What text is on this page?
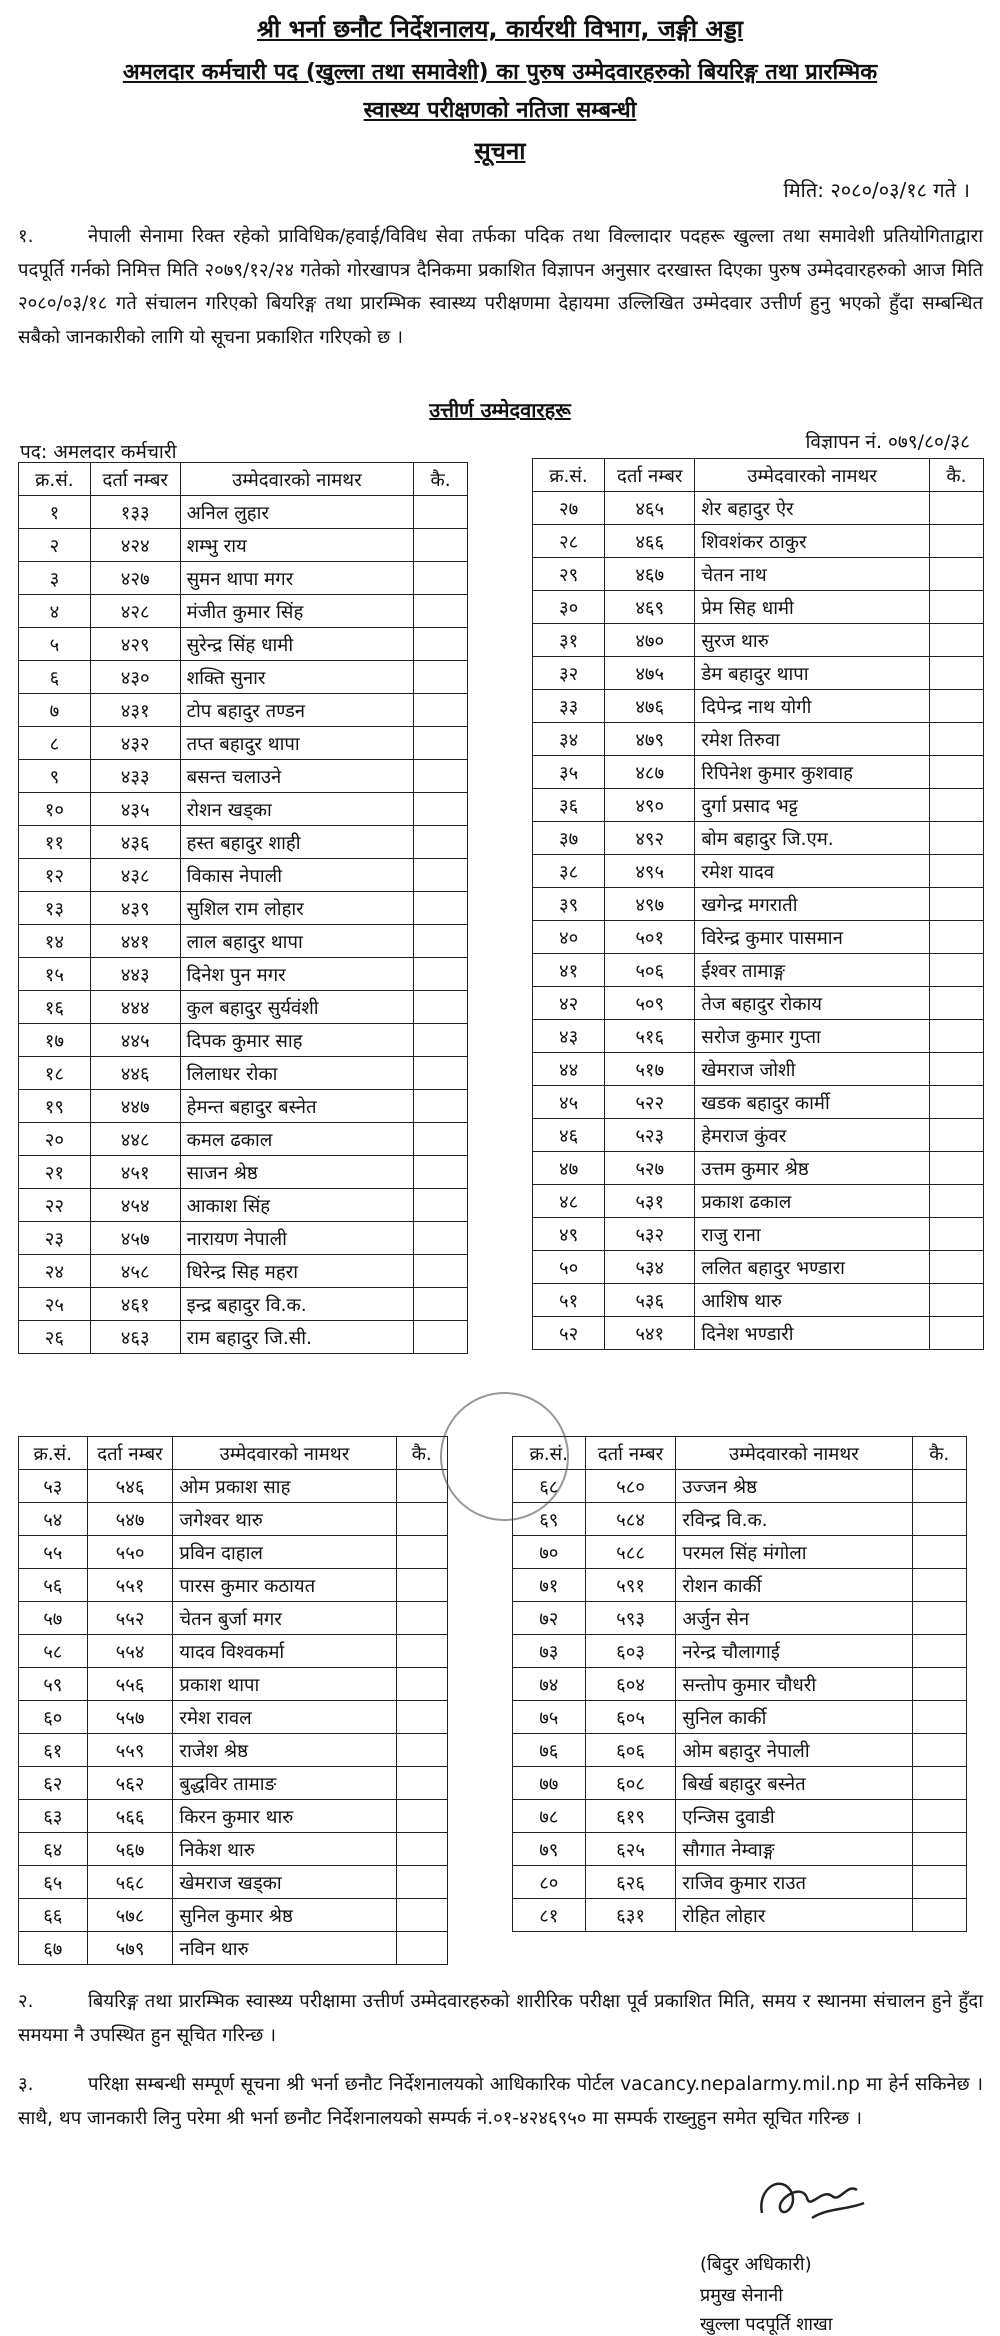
श्री भर्ना छनौट निर्देशनालय, कार्यरथी विभाग, जङ्गी अड्डा
अमलदार कर्मचारी पद (खुल्ला तथा समावेशी) का पुरुष उम्मेदवारहरुको बियरिङ्ग तथा प्रारम्भिक
स्वास्थ्य परीक्षणको नतिजा सम्बन्धी
सूचना
मिति: २०८०/०३/१८ गते ।
१.	नेपाली सेनामा रिक्त रहेको प्राविधिक/हवाई/विविध सेवा तर्फका पदिक तथा विल्लादार पदहरू खुल्ला तथा समावेशी प्रतियोगिताद्वारा पदपूर्ति गर्नको निमित्त मिति २०७९/१२/२४ गतेको गोरखापत्र दैनिकमा प्रकाशित विज्ञापन अनुसार दरखास्त दिएका पुरुष उम्मेदवारहरुको आज मिति २०८०/०३/१८ गते संचालन गरिएको बियरिङ्ग तथा प्रारम्भिक स्वास्थ्य परीक्षणमा देहायमा उल्लिखित उम्मेदवार उत्तीर्ण हुनु भएको हुँदा सम्बन्धित सबैको जानकारीको लागि यो सूचना प्रकाशित गरिएको छ ।
उत्तीर्ण उम्मेदवारहरू
पद: अमलदार कर्मचारी	विज्ञापन नं. ०७९/८०/३८
क्र.सं.	दर्ता नम्बर	उम्मेदवारको नामथर	कै.
१	१३३	अनिल लुहार	
२	४२४	शम्भु राय	
३	४२७	सुमन थापा मगर	
४	४२८	मंजीत कुमार सिंह	
५	४२९	सुरेन्द्र सिंह धामी	
६	४३०	शक्ति सुनार	
७	४३१	टोप बहादुर तण्डन	
८	४३२	तप्त बहादुर थापा	
९	४३३	बसन्त चलाउने	
१०	४३५	रोशन खड्का	
११	४३६	हस्त बहादुर शाही	
१२	४३८	विकास नेपाली	
१३	४३९	सुशिल राम लोहार	
१४	४४१	लाल बहादुर थापा	
१५	४४३	दिनेश पुन मगर	
१६	४४४	कुल बहादुर सुर्यवंशी	
१७	४४५	दिपक कुमार साह	
१८	४४६	लिलाधर रोका	
१९	४४७	हेमन्त बहादुर बस्नेत	
२०	४४८	कमल ढकाल	
२१	४५१	साजन श्रेष्ठ	
२२	४५४	आकाश सिंह	
२३	४५७	नारायण नेपाली	
२४	४५८	धिरेन्द्र सिह महरा	
२५	४६१	इन्द्र बहादुर वि.क.	
२६	४६३	राम बहादुर जि.सी.	
क्र.सं.	दर्ता नम्बर	उम्मेदवारको नामथर	कै.
२७	४६५	शेर बहादुर ऐर	
२८	४६६	शिवशंकर ठाकुर	
२९	४६७	चेतन नाथ	
३०	४६९	प्रेम सिह धामी	
३१	४७०	सुरज थारु	
३२	४७५	डेम बहादुर थापा	
३३	४७६	दिपेन्द्र नाथ योगी	
३४	४७९	रमेश तिरुवा	
३५	४८७	रिपिनेश कुमार कुशवाह	
३६	४९०	दुर्गा प्रसाद भट्ट	
३७	४९२	बोम बहादुर जि.एम.	
३८	४९५	रमेश यादव	
३९	४९७	खगेन्द्र मगराती	
४०	५०१	विरेन्द्र कुमार पासमान	
४१	५०६	ईश्वर तामाङ्ग	
४२	५०९	तेज बहादुर रोकाय	
४३	५१६	सरोज कुमार गुप्ता	
४४	५१७	खेमराज जोशी	
४५	५२२	खडक बहादुर कार्मी	
४६	५२३	हेमराज कुंवर	
४७	५२७	उत्तम कुमार श्रेष्ठ	
४८	५३१	प्रकाश ढकाल	
४९	५३२	राजु राना	
५०	५३४	ललित बहादुर भण्डारा	
५१	५३६	आशिष थारु	
५२	५४१	दिनेश भण्डारी	
क्र.सं.	दर्ता नम्बर	उम्मेदवारको नामथर	कै.
५३	५४६	ओम प्रकाश साह	
५४	५४७	जगेश्वर थारु	
५५	५५०	प्रविन दाहाल	
५६	५५१	पारस कुमार कठायत	
५७	५५२	चेतन बुर्जा मगर	
५८	५५४	यादव विश्वकर्मा	
५९	५५६	प्रकाश थापा	
६०	५५७	रमेश रावल	
६१	५५९	राजेश श्रेष्ठ	
६२	५६२	बुद्धविर तामाङ	
६३	५६६	किरन कुमार थारु	
६४	५६७	निकेश थारु	
६५	५६८	खेमराज खड्का	
६६	५७८	सुनिल कुमार श्रेष्ठ	
६७	५७९	नविन थारु	
क्र.सं.	दर्ता नम्बर	उम्मेदवारको नामथर	कै.
६८	५८०	उज्जन श्रेष्ठ	
६९	५८४	रविन्द्र वि.क.	
७०	५८८	परमल सिंह मंगोला	
७१	५९१	रोशन कार्की	
७२	५९३	अर्जुन सेन	
७३	६०३	नरेन्द्र चौलागाई	
७४	६०४	सन्तोप कुमार चौधरी	
७५	६०५	सुनिल कार्की	
७६	६०६	ओम बहादुर नेपाली	
७७	६०८	बिर्ख बहादुर बस्नेत	
७८	६१९	एन्जिस दुवाडी	
७९	६२५	सौगात नेम्वाङ्ग	
८०	६२६	राजिव कुमार राउत	
८१	६३१	रोहित लोहार	
२.	बियरिङ्ग तथा प्रारम्भिक स्वास्थ्य परीक्षामा उत्तीर्ण उम्मेदवारहरुको शारीरिक परीक्षा पूर्व प्रकाशित मिति, समय र स्थानमा संचालन हुने हुँदा समयमा नै उपस्थित हुन सूचित गरिन्छ ।
३.	परिक्षा सम्बन्धी सम्पूर्ण सूचना श्री भर्ना छनौट निर्देशनालयको आधिकारिक पोर्टल vacancy.nepalarmy.mil.np मा हेर्न सकिनेछ । साथै, थप जानकारी लिनु परेमा श्री भर्ना छनौट निर्देशनालयको सम्पर्क नं.०१-४२४६९५० मा सम्पर्क राख्नुहुन समेत सूचित गरिन्छ ।
(बिदुर अधिकारी)
प्रमुख सेनानी
खुल्ला पदपूर्ति शाखा
